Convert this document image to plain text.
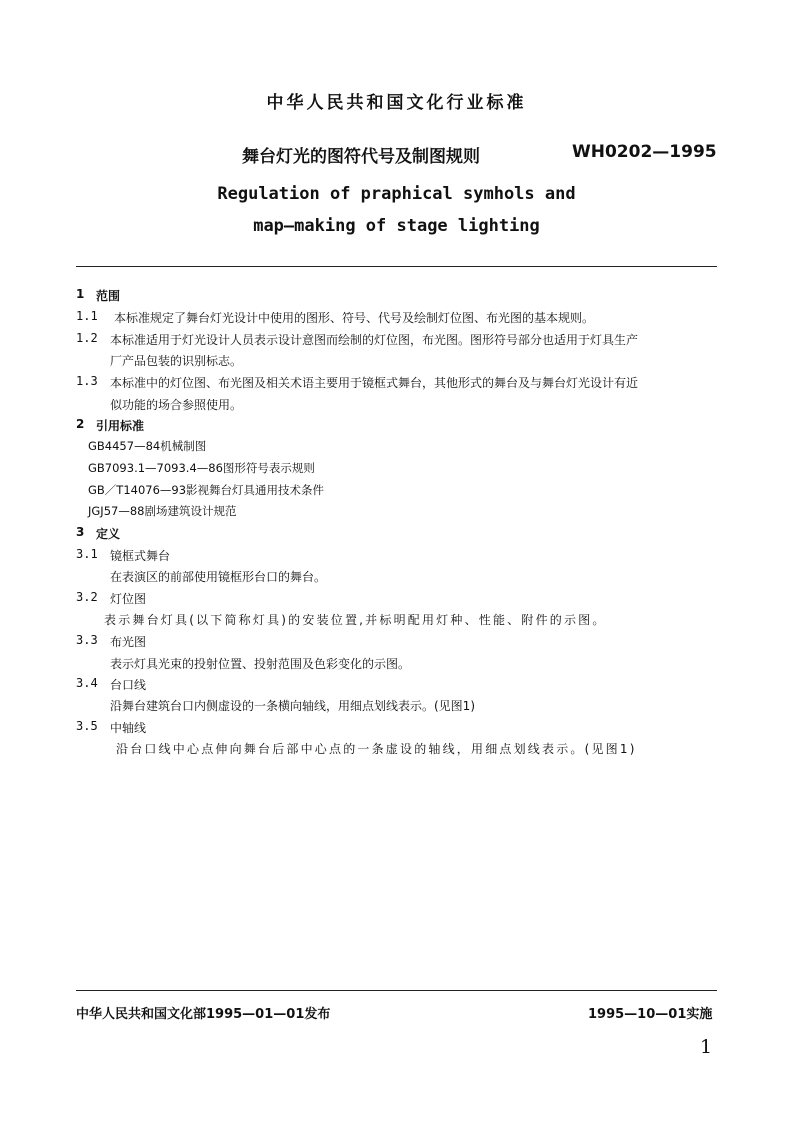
中华人民共和国文化行业标准
舞台灯光的图符代号及制图规则	WH0202—1995
Regulation of praphical symhols and
map—making of stage lighting
1 范围
1.1 本标准规定了舞台灯光设计中使用的图形、符号、代号及绘制灯位图、布光图的基本规则。
1.2 本标准适用于灯光设计人员表示设计意图而绘制的灯位图，布光图。图形符号部分也适用于灯具生产
厂产品包装的识别标志。
1.3 本标准中的灯位图、布光图及相关术语主要用于镜框式舞台，其他形式的舞台及与舞台灯光设计有近
似功能的场合参照使用。
2 引用标准
GB4457—84机械制图
GB7093.1—7093.4—86图形符号表示规则
GB／T14076—93影视舞台灯具通用技术条件
JGJ57—88剧场建筑设计规范
3 定义
3.1 镜框式舞台
在表演区的前部使用镜框形台口的舞台。
3.2 灯位图
表示舞台灯具(以下简称灯具)的安装位置,并标明配用灯种、性能、附件的示图。
3.3 布光图
表示灯具光束的投射位置、投射范围及色彩变化的示图。
3.4 台口线
沿舞台建筑台口内侧虚设的一条横向轴线，用细点划线表示。(见图1)
3.5 中轴线
沿台口线中心点伸向舞台后部中心点的一条虚设的轴线，用细点划线表示。(见图1)
中华人民共和国文化部1995—01—01发布	1995—10—01实施
1
